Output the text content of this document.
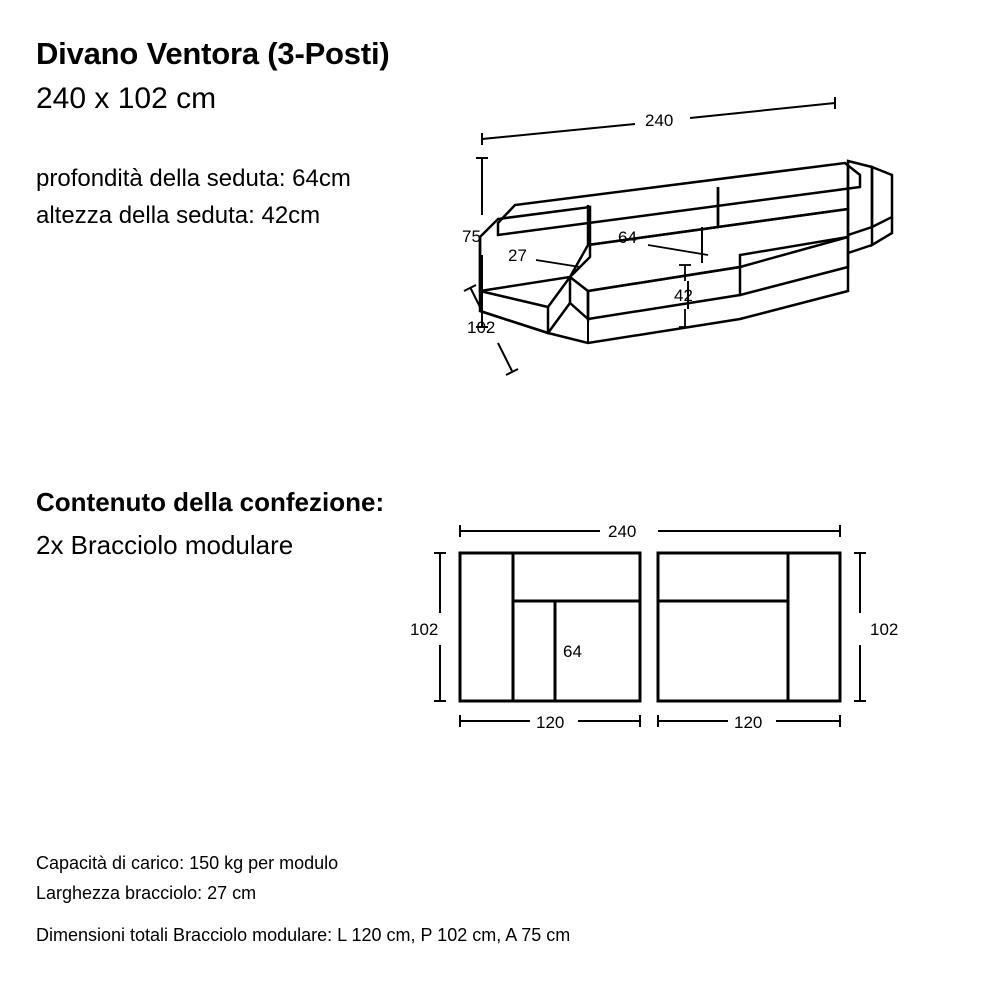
Divano Ventora (3-Posti)
240 x 102 cm
profondità della seduta: 64cm
altezza della seduta: 42cm
Contenuto della confezione:
2x Bracciolo modulare
Capacità di carico: 150 kg per modulo
Larghezza bracciolo: 27 cm
Dimensioni totali Bracciolo modulare: L 120 cm, P 102 cm, A 75 cm
240
75
102
27
64
42
240
102
64
120
102
120
